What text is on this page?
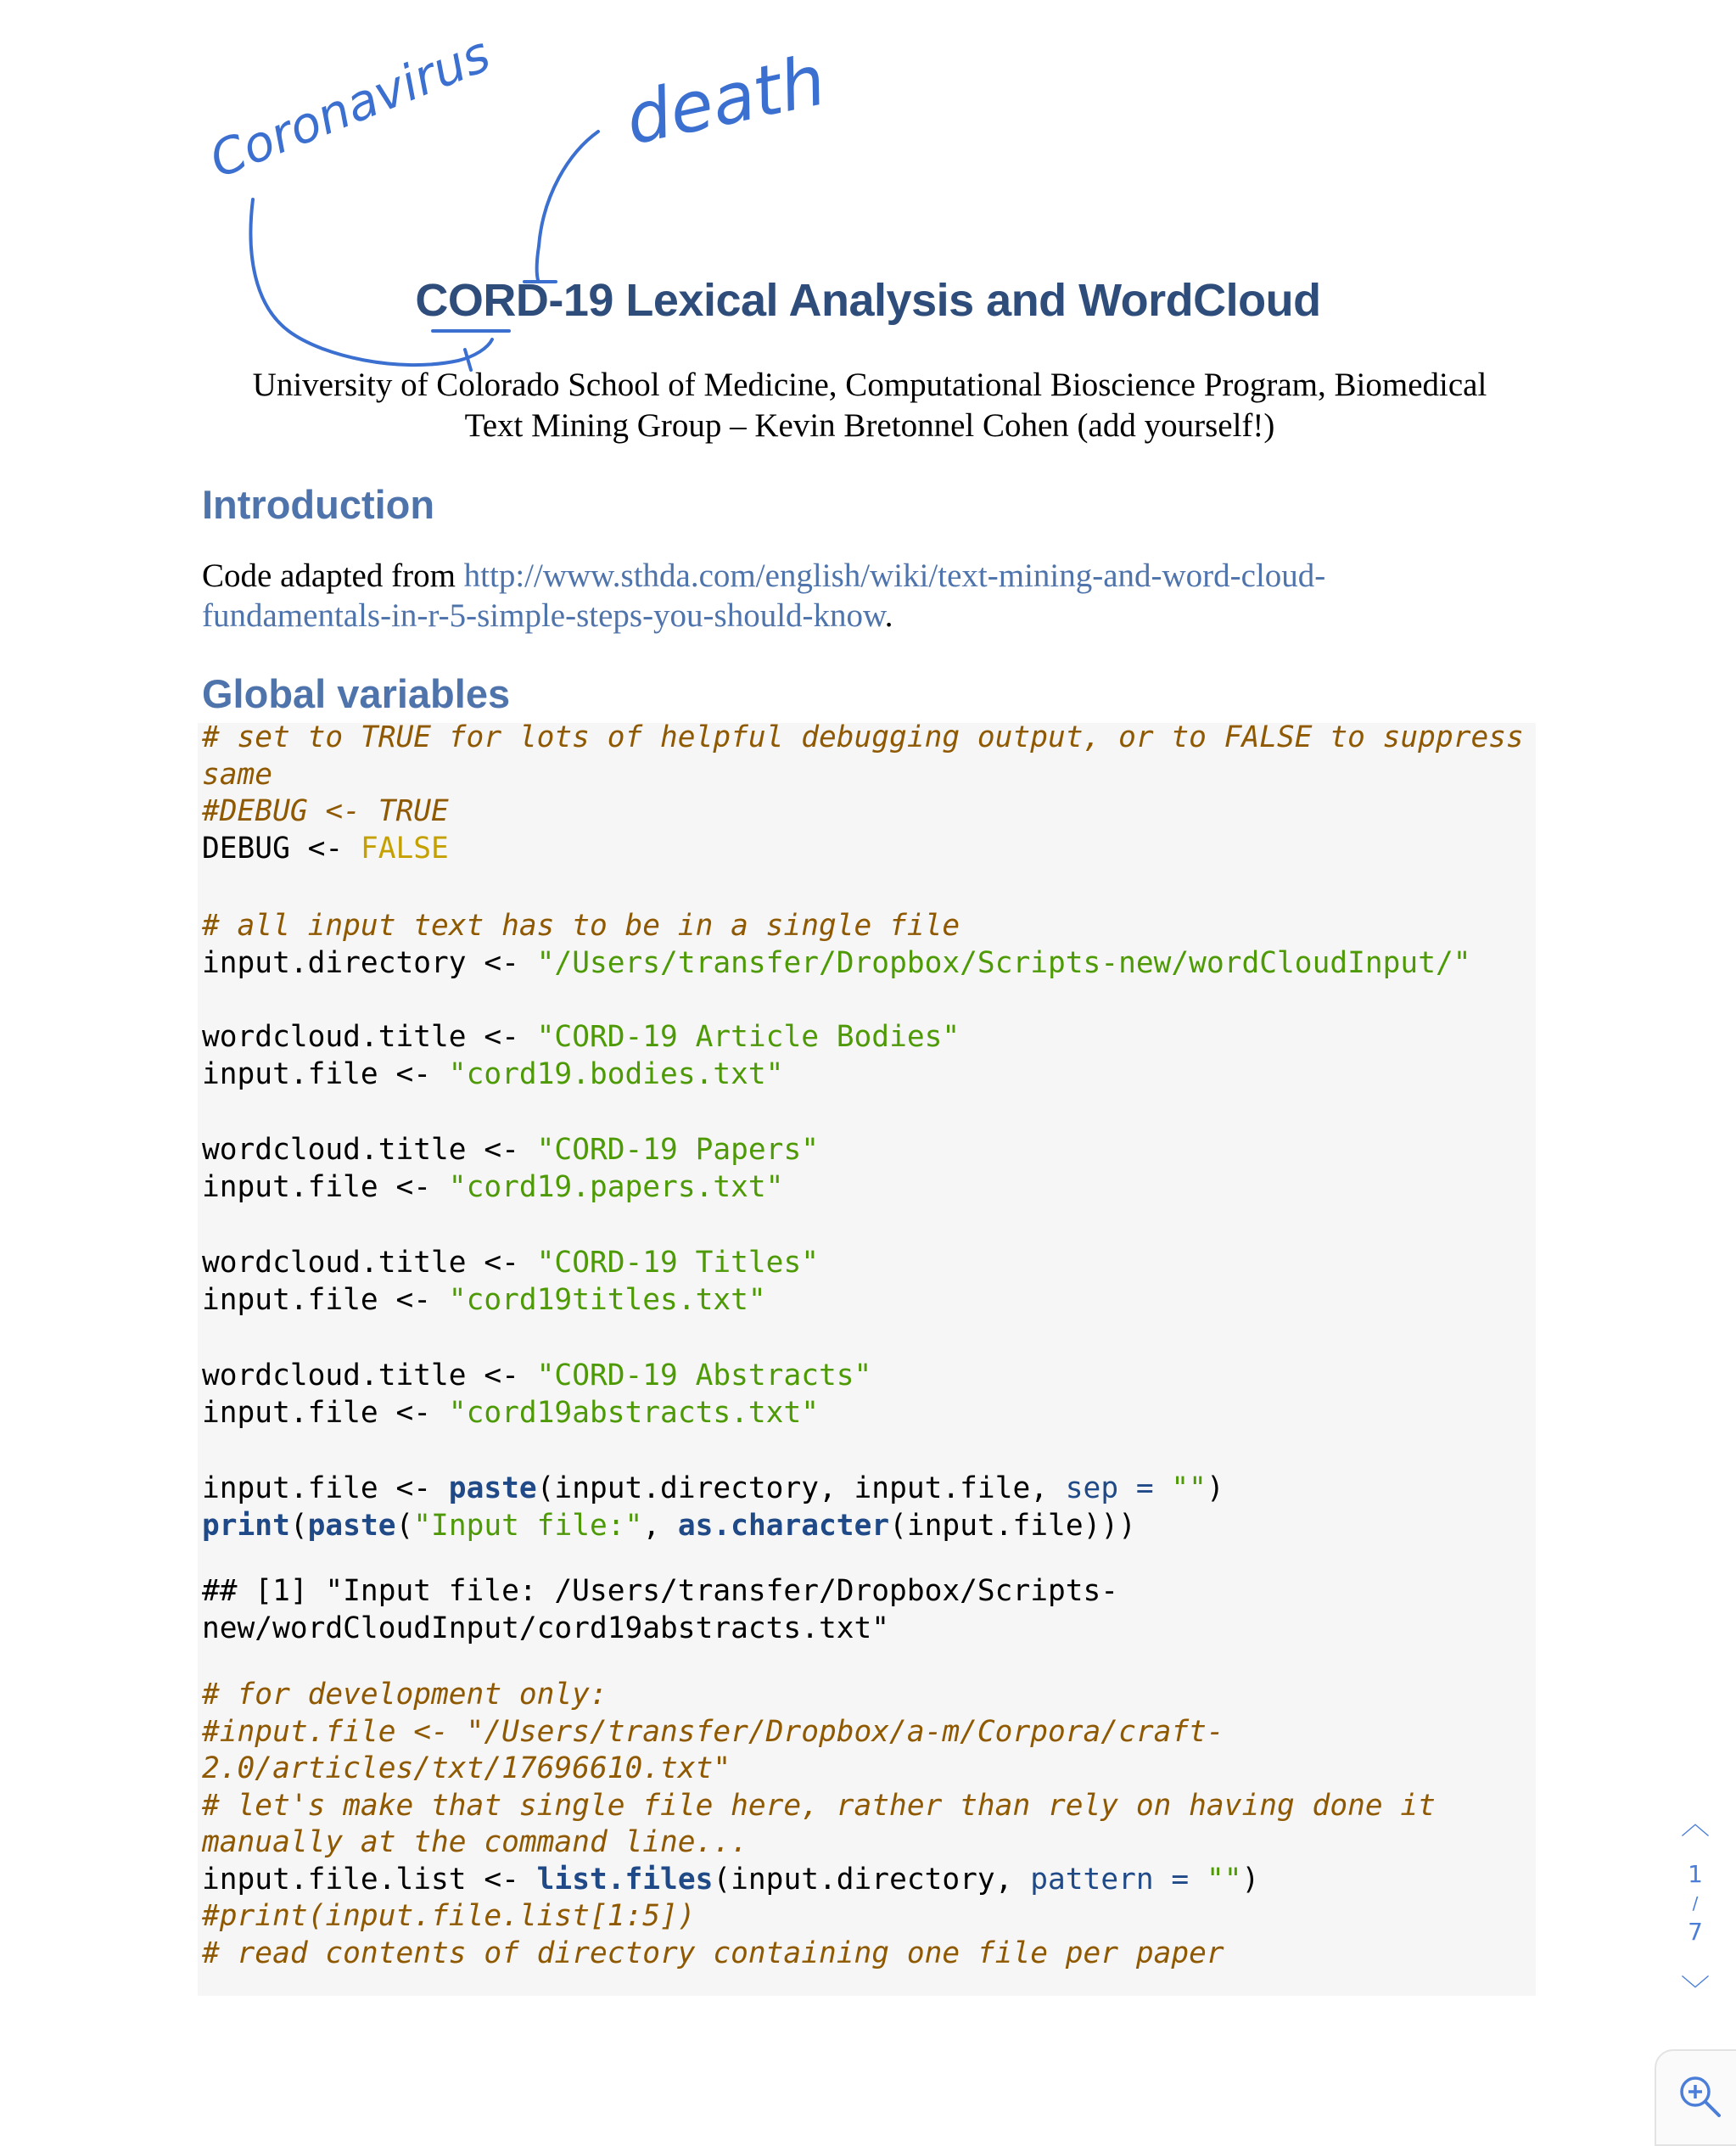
Coronavirus death
CORD-19 Lexical Analysis and WordCloud
University of Colorado School of Medicine, Computational Bioscience Program, Biomedical
Text Mining Group – Kevin Bretonnel Cohen (add yourself!)
Introduction
Code adapted from http://www.sthda.com/english/wiki/text-mining-and-word-cloud-
fundamentals-in-r-5-simple-steps-you-should-know.
Global variables
# set to TRUE for lots of helpful debugging output, or to FALSE to suppress
same
#DEBUG <- TRUE
DEBUG <- FALSE
# all input text has to be in a single file
input.directory <- "/Users/transfer/Dropbox/Scripts-new/wordCloudInput/"
wordcloud.title <- "CORD-19 Article Bodies"
input.file <- "cord19.bodies.txt"
wordcloud.title <- "CORD-19 Papers"
input.file <- "cord19.papers.txt"
wordcloud.title <- "CORD-19 Titles"
input.file <- "cord19titles.txt"
wordcloud.title <- "CORD-19 Abstracts"
input.file <- "cord19abstracts.txt"
input.file <- paste(input.directory, input.file, sep = "")
print(paste("Input file:", as.character(input.file)))
## [1] "Input file: /Users/transfer/Dropbox/Scripts-
new/wordCloudInput/cord19abstracts.txt"
# for development only:
#input.file <- "/Users/transfer/Dropbox/a-m/Corpora/craft-
2.0/articles/txt/17696610.txt"
# let's make that single file here, rather than rely on having done it
manually at the command line...
input.file.list <- list.files(input.directory, pattern = "")
#print(input.file.list[1:5])
# read contents of directory containing one file per paper
︿
1
/
7
﹀
